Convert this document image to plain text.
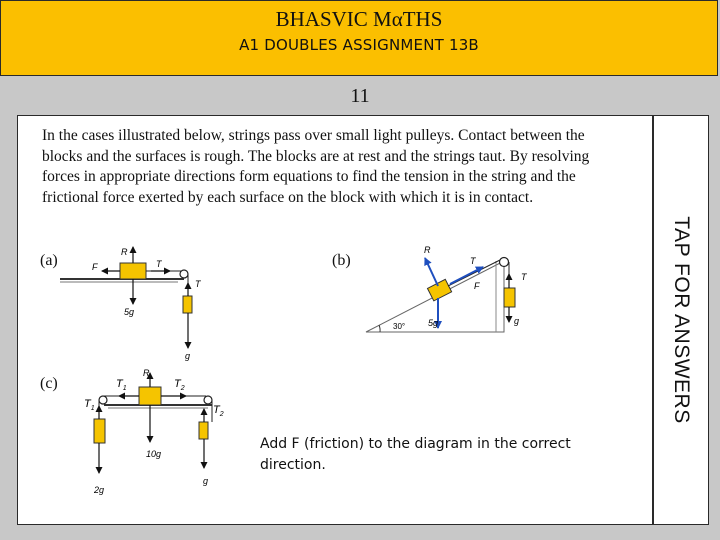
BHASVIC MαTHS
A1 DOUBLES ASSIGNMENT 13B
11

In the cases illustrated below, strings pass over small light pulleys. Contact between the blocks and the surfaces is rough. The blocks are at rest and the strings taut. By resolving forces in appropriate directions form equations to find the tension in the string and the frictional force exerted by each surface on the block with which it is in contact.

(a)	(b)
(c)
R
F	T
T
5g
g
R
T
F
T
30°	5g	g
$T_1$
R
$T_2$
$T_1$	$T_2$
10g
2g
g
Add F (friction) to the diagram in the correct direction.
TAP FOR ANSWERS
